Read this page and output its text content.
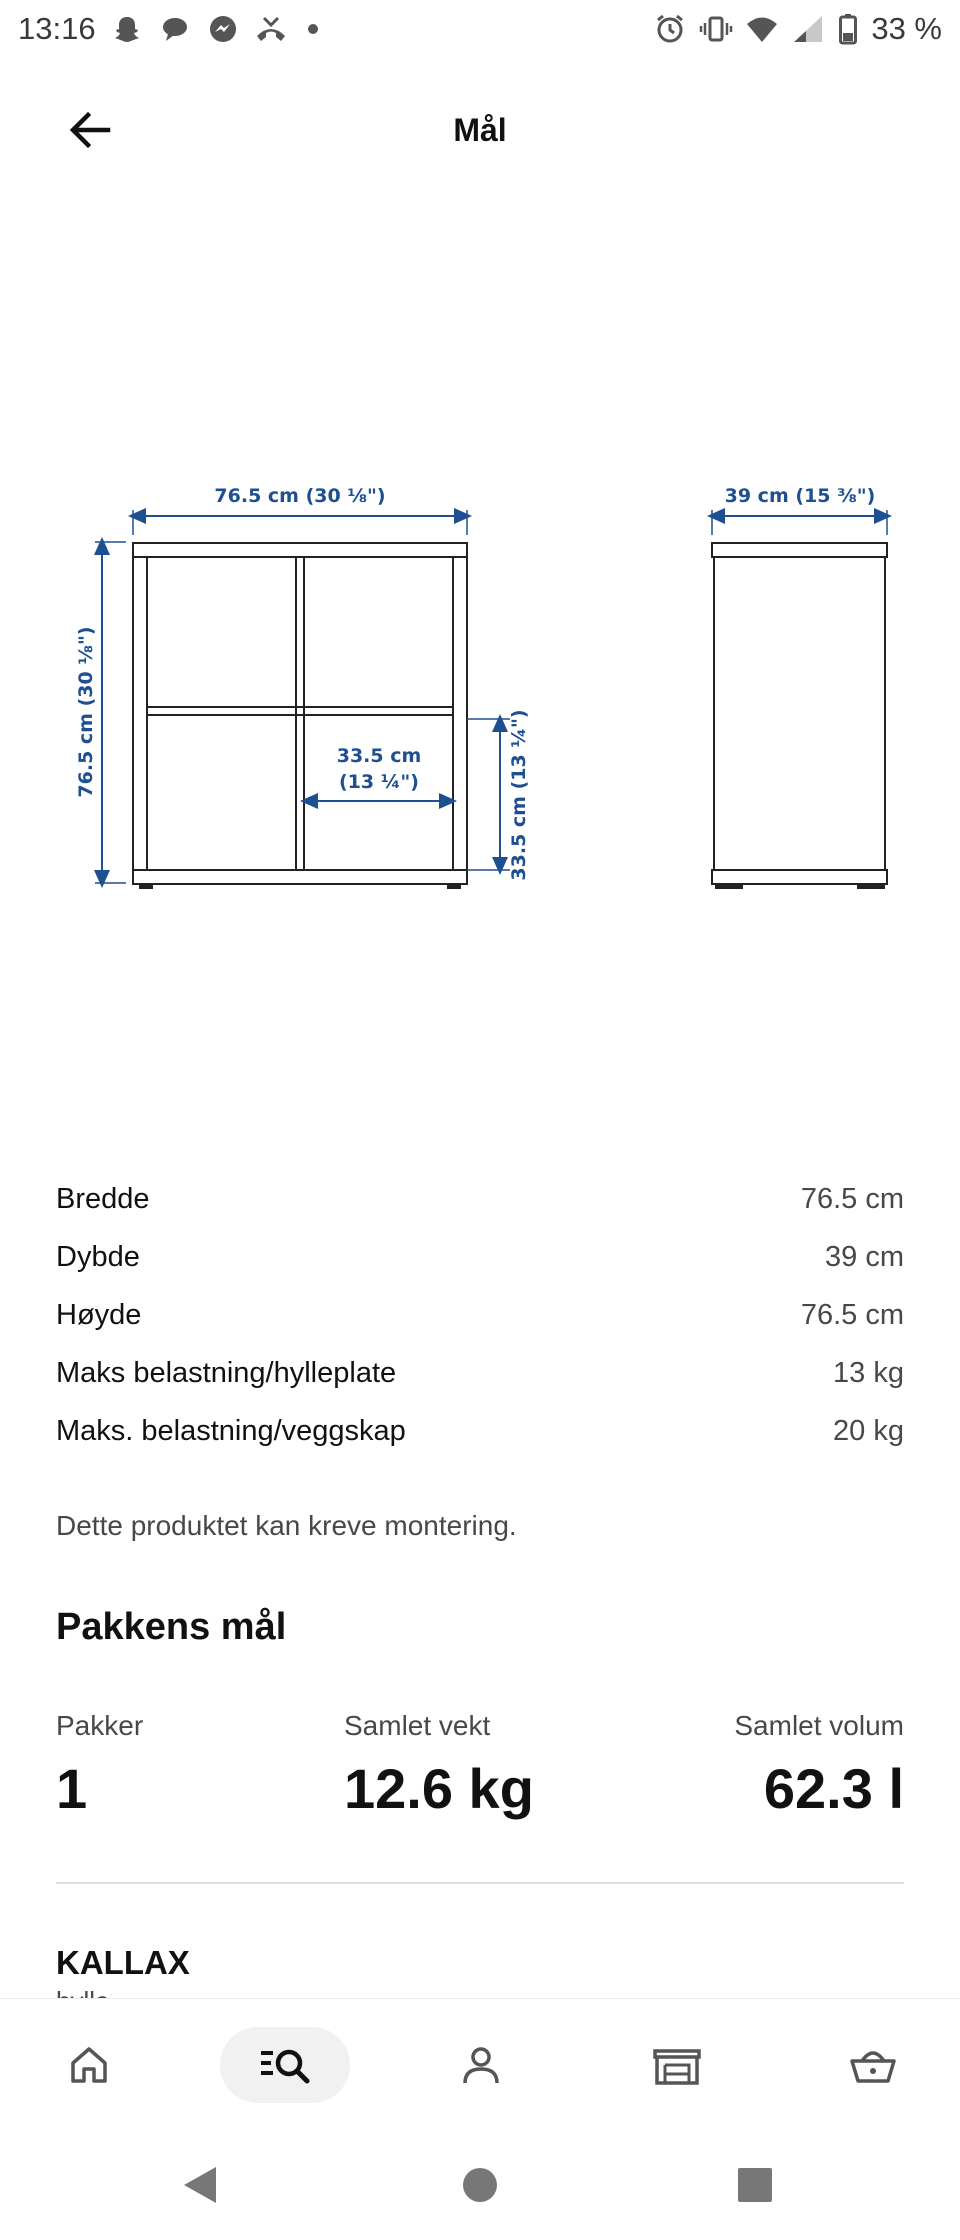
13:16	33 %
Mål
76.5 cm (30 ⅛")
76.5 cm (30 ⅛")	33.5 cm
(13 ¼")	33.5 cm (13 ¼")
39 cm (15 ⅜")
Bredde	76.5 cm
Dybde	39 cm
Høyde	76.5 cm
Maks belastning/hylleplate	13 kg
Maks. belastning/veggskap	20 kg
Dette produktet kan kreve montering.
Pakkens mål
Pakker
1
Samlet vekt
12.6 kg
Samlet volum
62.3 l
KALLAX
